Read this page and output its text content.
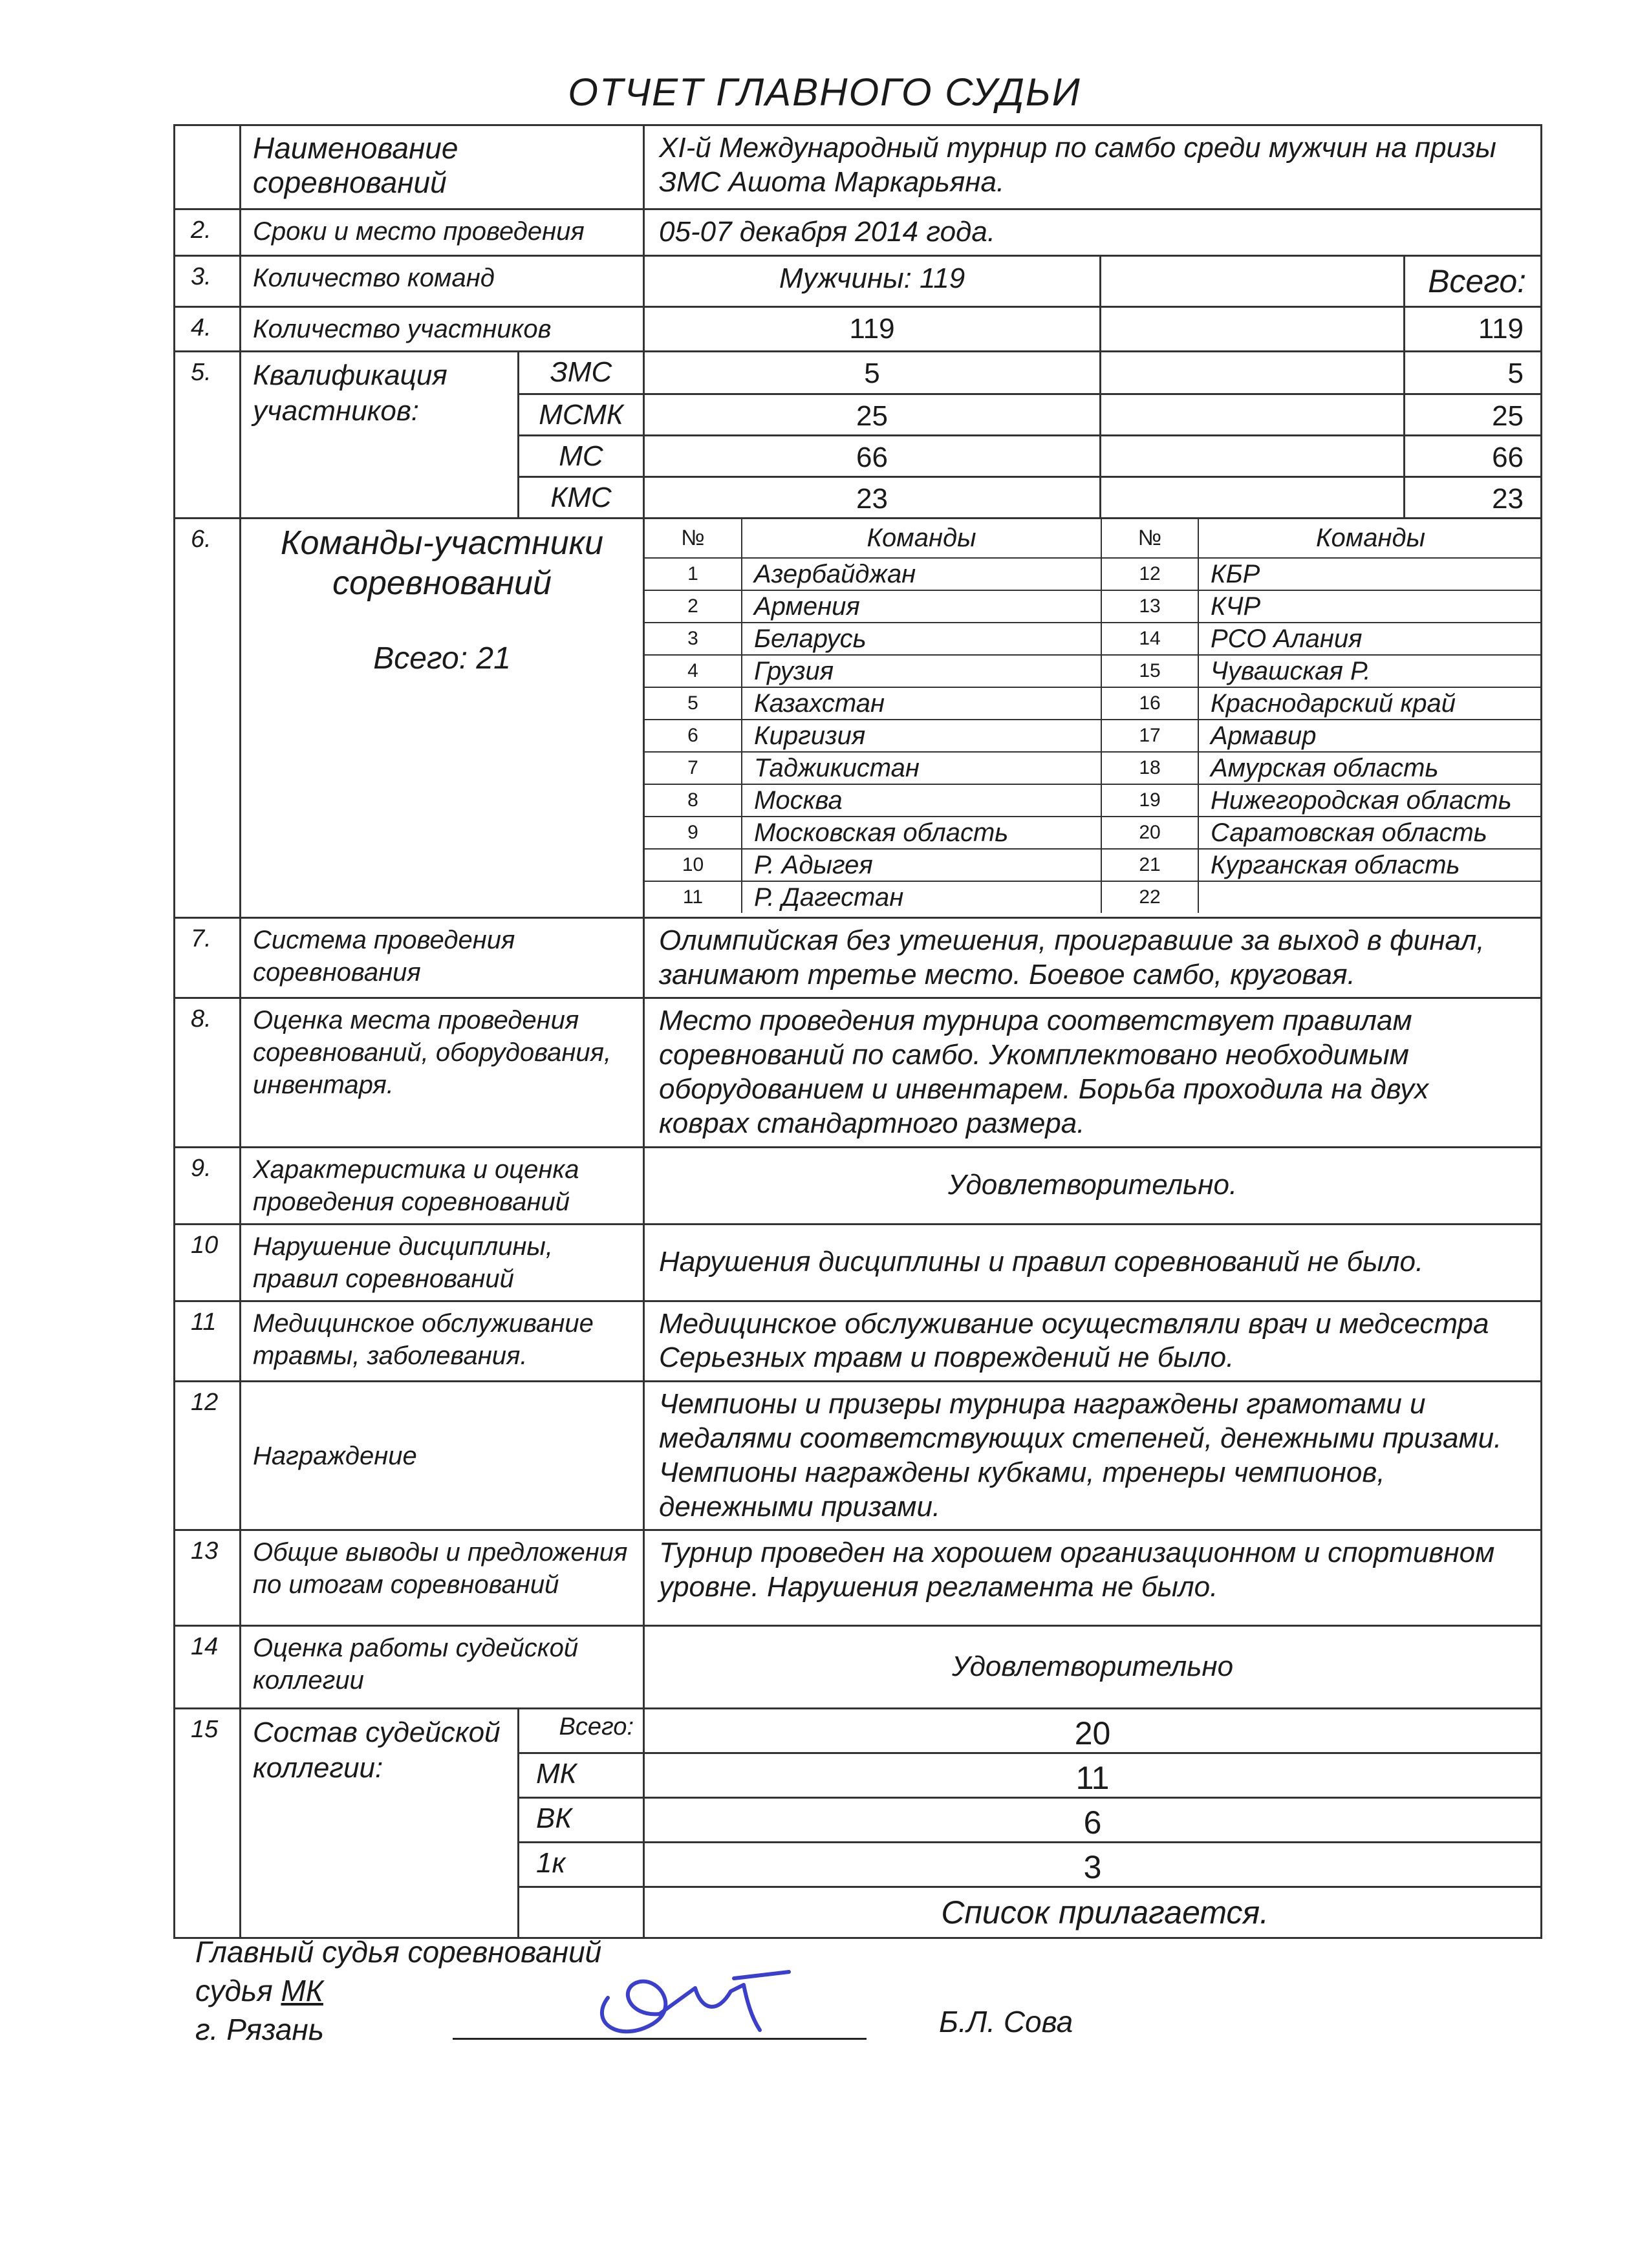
ОТЧЕТ ГЛАВНОГО СУДЬИ
	Наименование соревнований	XI-й Международный турнир по самбо среди мужчин на призы ЗМС Ашота Маркарьяна.
2.	Сроки и место проведения	05-07 декабря 2014 года.
3.	Количество команд	Мужчины: 119		Всего:
4.	Количество участников	119		119
5.	Квалификация участников:	ЗМС	5		5
МСМК	25		25
МС	66		66
КМС	23		23
6.	Команды-участники соревнований
Всего: 21

№	Команды	№	Команды
1	Азербайджан	12	КБР
2	Армения	13	КЧР
3	Беларусь	14	РСО Алания
4	Грузия	15	Чувашская Р.
5	Казахстан	16	Краснодарский край
6	Киргизия	17	Армавир
7	Таджикистан	18	Амурская область
8	Москва	19	Нижегородская область
9	Московская область	20	Саратовская область
10	Р. Адыгея	21	Курганская область
11	Р. Дагестан	22	

7.	Система проведения соревнования	Олимпийская без утешения, проигравшие за выход в финал, занимают третье место. Боевое самбо, круговая.
8.	Оценка места проведения соревнований, оборудования, инвентаря.	Место проведения турнира соответствует правилам соревнований по самбо. Укомплектовано необходимым оборудованием и инвентарем. Борьба проходила на двух коврах стандартного размера.
9.	Характеристика и оценка проведения соревнований	Удовлетворительно.
10	Нарушение дисциплины, правил соревнований	Нарушения дисциплины и правил соревнований не было.
11	Медицинское обслуживание травмы, заболевания.	Медицинское обслуживание осуществляли врач и медсестра Серьезных травм и повреждений не было.
12	Награждение	Чемпионы и призеры турнира награждены грамотами и медалями соответствующих степеней, денежными призами. Чемпионы награждены кубками, тренеры чемпионов, денежными призами.
13	Общие выводы и предложения по итогам соревнований	Турнир проведен на хорошем организационном и спортивном уровне. Нарушения регламента не было.
14	Оценка работы судейской коллегии	Удовлетворительно
15	Состав судейской коллегии:	Всего:	20
МК	11
ВК	6
1к	3
	Список прилагается.
Главный судья соревнований
судья МК
г. Рязань	Б.Л. Сова
